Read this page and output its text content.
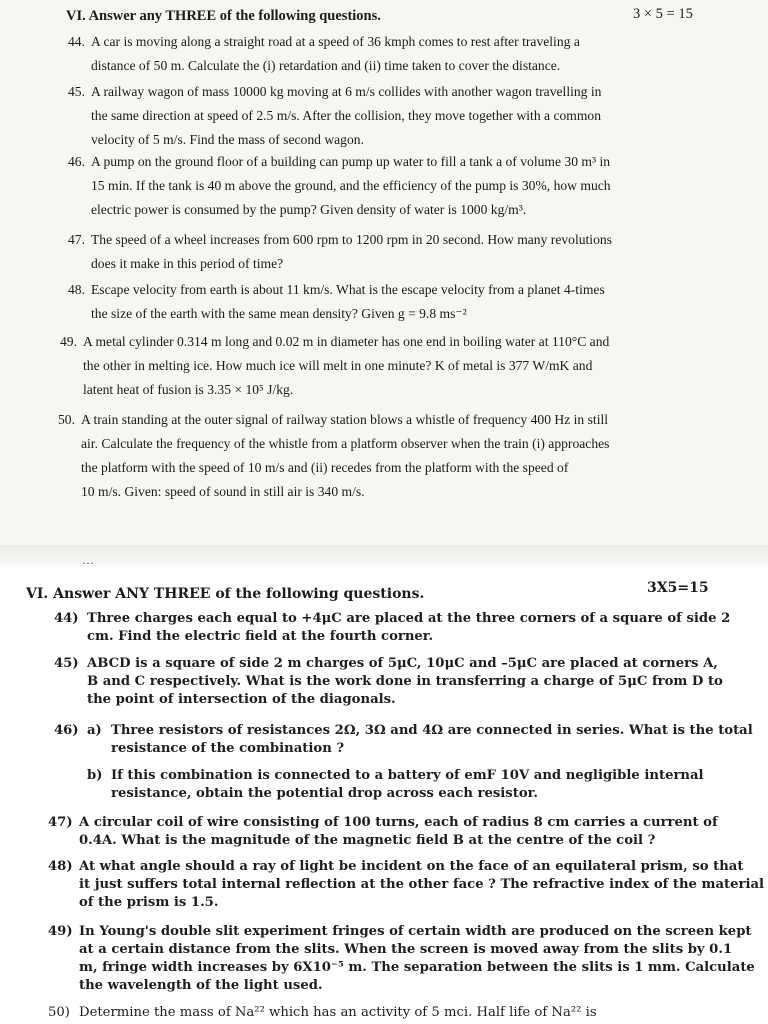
VI. Answer any THREE of the following questions.	3 × 5 = 15
44. A car is moving along a straight road at a speed of 36 kmph comes to rest after traveling a

distance of 50 m. Calculate the (i) retardation and (ii) time taken to cover the distance.

45. A railway wagon of mass 10000 kg moving at 6 m/s collides with another wagon travelling in

the same direction at speed of 2.5 m/s. After the collision, they move together with a common

velocity of 5 m/s. Find the mass of second wagon.

46. A pump on the ground floor of a building can pump up water to fill a tank a of volume 30 m³ in

15 min. If the tank is 40 m above the ground, and the efficiency of the pump is 30%, how much

electric power is consumed by the pump? Given density of water is 1000 kg/m³.

47. The speed of a wheel increases from 600 rpm to 1200 rpm in 20 second. How many revolutions

does it make in this period of time?

48. Escape velocity from earth is about 11 km/s. What is the escape velocity from a planet 4-times

the size of the earth with the same mean density? Given g = 9.8 ms⁻²

49. A metal cylinder 0.314 m long and 0.02 m in diameter has one end in boiling water at 110°C and

the other in melting ice. How much ice will melt in one minute? K of metal is 377 W/mK and

latent heat of fusion is 3.35 × 10⁵ J/kg.

50. A train standing at the outer signal of railway station blows a whistle of frequency 400 Hz in still

air. Calculate the frequency of the whistle from a platform observer when the train (i) approaches

the platform with the speed of 10 m/s and (ii) recedes from the platform with the speed of

10 m/s. Given: speed of sound in still air is 340 m/s.

…
VI. Answer ANY THREE of the following questions.	3X5=15
44) Three charges each equal to +4μC are placed at the three corners of a square of side 2

cm. Find the electric field at the fourth corner.

45) ABCD is a square of side 2 m charges of 5μC, 10μC and –5μC are placed at corners A,

B and C respectively. What is the work done in transferring a charge of 5μC from D to

the point of intersection of the diagonals.

46) a) Three resistors of resistances 2Ω, 3Ω and 4Ω are connected in series. What is the total

resistance of the combination ?

b) If this combination is connected to a battery of emF 10V and negligible internal

resistance, obtain the potential drop across each resistor.

47) A circular coil of wire consisting of 100 turns, each of radius 8 cm carries a current of

0.4A. What is the magnitude of the magnetic field B at the centre of the coil ?

48) At what angle should a ray of light be incident on the face of an equilateral prism, so that

it just suffers total internal reflection at the other face ? The refractive index of the material

of the prism is 1.5.

49) In Young's double slit experiment fringes of certain width are produced on the screen kept

at a certain distance from the slits. When the screen is moved away from the slits by 0.1

m, fringe width increases by 6X10⁻⁵ m. The separation between the slits is 1 mm. Calculate

the wavelength of the light used.

50) Determine the mass of Na²² which has an activity of 5 mci. Half life of Na²² is
